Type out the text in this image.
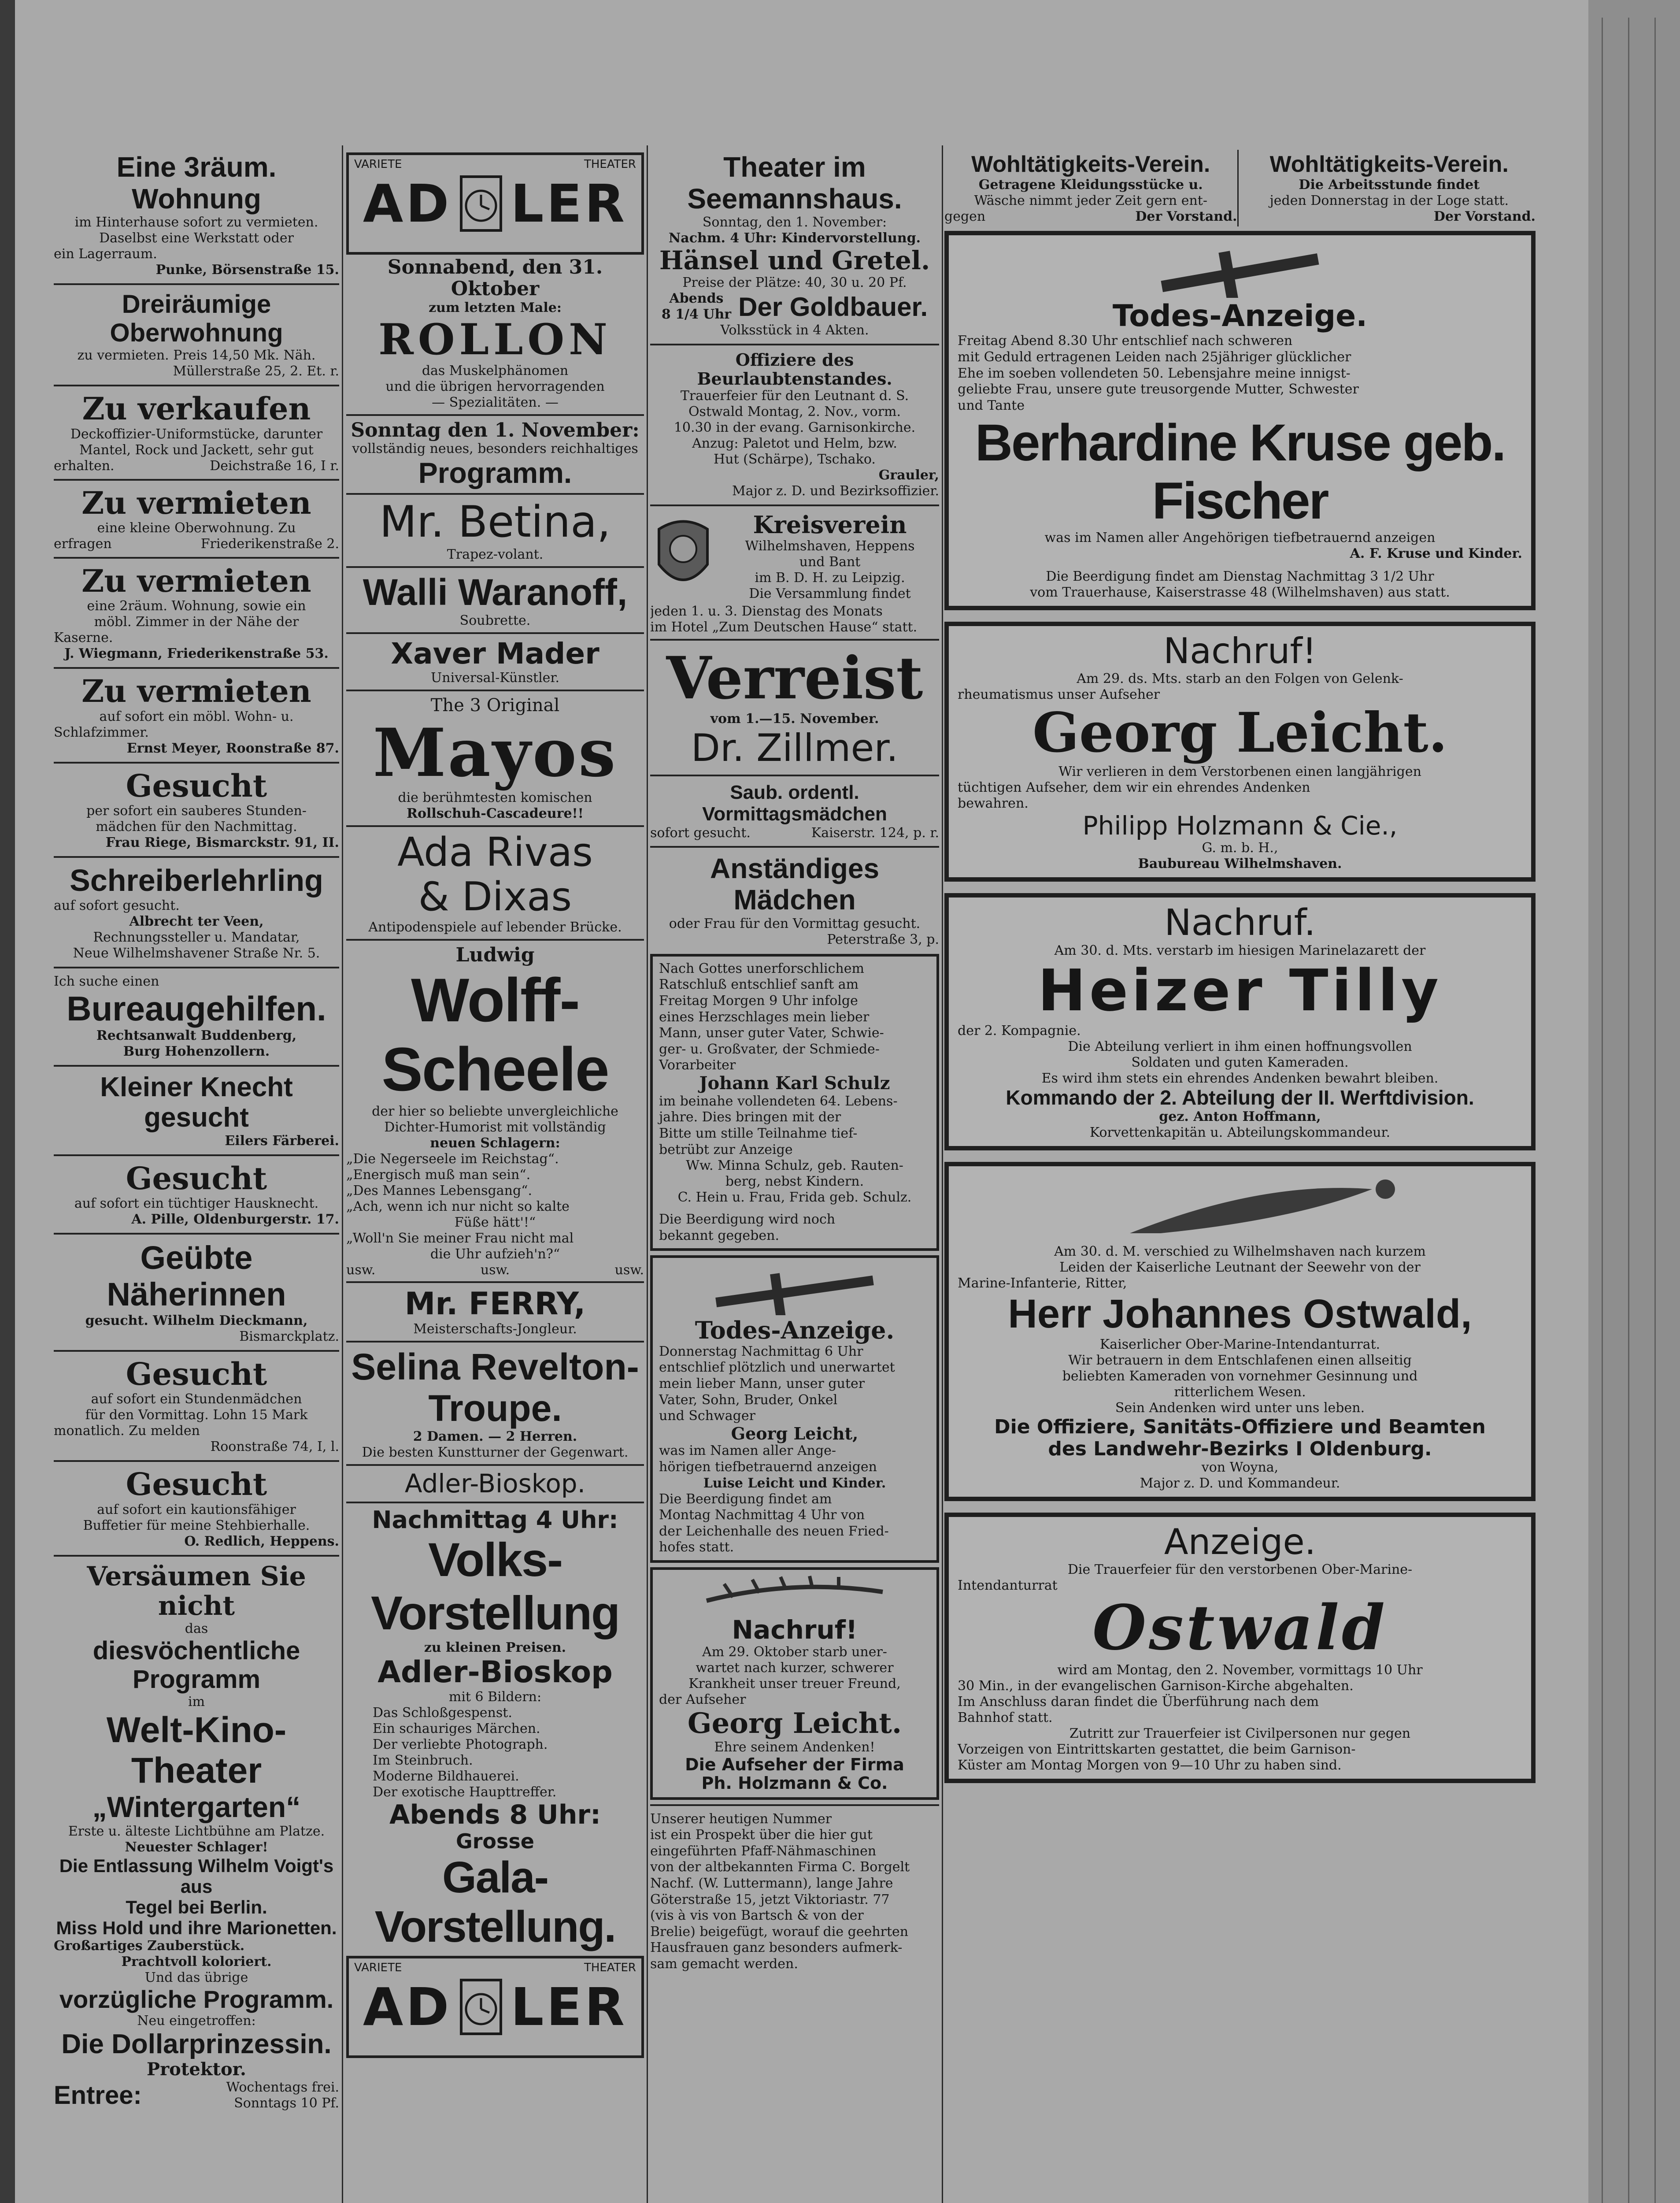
Eine 3räum. Wohnung

im Hinterhause sofort zu vermieten.

Daselbst eine Werkstatt oder

ein Lagerraum.

Punke, Börsenstraße 15.

Dreiräumige Oberwohnung

zu vermieten. Preis 14,50 Mk. Näh.

Müllerstraße 25, 2. Et. r.

Zu verkaufen

Deckoffizier-Uniformstücke, darunter

Mantel, Rock und Jackett, sehr gut

erhalten.	Deichstraße 16, I r.

Zu vermieten

eine kleine Oberwohnung. Zu

erfragen	Friederikenstraße 2.

Zu vermieten

eine 2räum. Wohnung, sowie ein

möbl. Zimmer in der Nähe der

Kaserne.

J. Wiegmann, Friederikenstraße 53.

Zu vermieten

auf sofort ein möbl. Wohn- u.

Schlafzimmer.

Ernst Meyer, Roonstraße 87.

Gesucht

per sofort ein sauberes Stunden-

mädchen für den Nachmittag.

Frau Riege, Bismarckstr. 91, II.

Schreiberlehrling

auf sofort gesucht.

Albrecht ter Veen,

Rechnungssteller u. Mandatar,

Neue Wilhelmshavener Straße Nr. 5.

Ich suche einen

Bureaugehilfen.

Rechtsanwalt Buddenberg,

Burg Hohenzollern.

Kleiner Knecht gesucht

Eilers Färberei.

Gesucht

auf sofort ein tüchtiger Hausknecht.

A. Pille, Oldenburgerstr. 17.

Geübte Näherinnen

gesucht. Wilhelm Dieckmann,

Bismarckplatz.

Gesucht

auf sofort ein Stundenmädchen

für den Vormittag. Lohn 15 Mark

monatlich. Zu melden

Roonstraße 74, I, l.

Gesucht

auf sofort ein kautionsfähiger

Buffetier für meine Stehbierhalle.

O. Redlich, Heppens.

Versäumen Sie nicht

das

diesvöchentliche Programm

im

Welt-Kino-Theater

„Wintergarten“

Erste u. älteste Lichtbühne am Platze.

Neuester Schlager!

Die Entlassung Wilhelm Voigt's aus

Tegel bei Berlin.

Miss Hold und ihre Marionetten.

Großartiges Zauberstück.

Prachtvoll koloriert.

Und das übrige

vorzügliche Programm.

Neu eingetroffen:

Die Dollarprinzessin.

Protektor.

Entree:	Wochentags frei.
Sonntags 10 Pf.
VARIETE	THEATER
AD LER

Sonnabend, den 31. Oktober

zum letzten Male:

ROLLON

das Muskelphänomen

und die übrigen hervorragenden

— Spezialitäten. —

Sonntag den 1. November:

vollständig neues, besonders reichhaltiges

Programm.

Mr. Betina,

Trapez-volant.

Walli Waranoff,

Soubrette.

Xaver Mader

Universal-Künstler.

The 3 Original

Mayos

die berühmtesten komischen

Rollschuh-Cascadeure!!

Ada Rivas

& Dixas

Antipodenspiele auf lebender Brücke.

Ludwig

Wolff-Scheele

der hier so beliebte unvergleichliche

Dichter-Humorist mit vollständig

neuen Schlagern:

„Die Negerseele im Reichstag“.

„Energisch muß man sein“.

„Des Mannes Lebensgang“.

„Ach, wenn ich nur nicht so kalte

Füße hätt'!“

„Woll'n Sie meiner Frau nicht mal

die Uhr aufzieh'n?“

usw.	usw.	usw.

Mr. FERRY,

Meisterschafts-Jongleur.

Selina Revelton-

Troupe.

2 Damen. — 2 Herren.

Die besten Kunstturner der Gegenwart.

Adler-Bioskop.

Nachmittag 4 Uhr:

Volks-Vorstellung

zu kleinen Preisen.

Adler-Bioskop

mit 6 Bildern:

Das Schloßgespenst.

Ein schauriges Märchen.

Der verliebte Photograph.

Im Steinbruch.

Moderne Bildhauerei.

Der exotische Haupttreffer.

Abends 8 Uhr:

Grosse

Gala-Vorstellung.

VARIETE	THEATER
AD LER

Theater im Seemannshaus.

Sonntag, den 1. November:

Nachm. 4 Uhr: Kindervorstellung.

Hänsel und Gretel.

Preise der Plätze: 40, 30 u. 20 Pf.

Abends
8 1/4 Uhr Der Goldbauer.

Volksstück in 4 Akten.

Offiziere des Beurlaubtenstandes.

Trauerfeier für den Leutnant d. S.

Ostwald Montag, 2. Nov., vorm.

10.30 in der evang. Garnisonkirche.

Anzug: Paletot und Helm, bzw.

Hut (Schärpe), Tschako.

Grauler,

Major z. D. und Bezirksoffizier.

Kreisverein

Wilhelmshaven, Heppens

und Bant

im B. D. H. zu Leipzig.

Die Versammlung findet

jeden 1. u. 3. Dienstag des Monats

im Hotel „Zum Deutschen Hause“ statt.

Verreist

vom 1.—15. November.

Dr. Zillmer.

Saub. ordentl. Vormittagsmädchen

sofort gesucht.	Kaiserstr. 124, p. r.

Anständiges Mädchen

oder Frau für den Vormittag gesucht.

Peterstraße 3, p.

Nach Gottes unerforschlichem

Ratschluß entschlief sanft am

Freitag Morgen 9 Uhr infolge

eines Herzschlages mein lieber

Mann, unser guter Vater, Schwie-

ger- u. Großvater, der Schmiede-

Vorarbeiter

Johann Karl Schulz

im beinahe vollendeten 64. Lebens-

jahre. Dies bringen mit der

Bitte um stille Teilnahme tief-

betrübt zur Anzeige

Ww. Minna Schulz, geb. Rauten-

berg, nebst Kindern.

C. Hein u. Frau, Frida geb. Schulz.

Die Beerdigung wird noch

bekannt gegeben.

Todes-Anzeige.

Donnerstag Nachmittag 6 Uhr

entschlief plötzlich und unerwartet

mein lieber Mann, unser guter

Vater, Sohn, Bruder, Onkel

und Schwager

Georg Leicht,

was im Namen aller Ange-

hörigen tiefbetrauernd anzeigen

Luise Leicht und Kinder.

Die Beerdigung findet am

Montag Nachmittag 4 Uhr von

der Leichenhalle des neuen Fried-

hofes statt.

Nachruf!

Am 29. Oktober starb uner-

wartet nach kurzer, schwerer

Krankheit unser treuer Freund,

der Aufseher

Georg Leicht.

Ehre seinem Andenken!

Die Aufseher der Firma

Ph. Holzmann & Co.

Unserer heutigen Nummer

ist ein Prospekt über die hier gut

eingeführten Pfaff-Nähmaschinen

von der altbekannten Firma C. Borgelt

Nachf. (W. Luttermann), lange Jahre

Göterstraße 15, jetzt Viktoriastr. 77

(vis à vis von Bartsch & von der

Brelie) beigefügt, worauf die geehrten

Hausfrauen ganz besonders aufmerk-

sam gemacht werden.

Wohltätigkeits-Verein.

Getragene Kleidungsstücke u.

Wäsche nimmt jeder Zeit gern ent-

gegen	Der Vorstand.

Wohltätigkeits-Verein.

Die Arbeitsstunde findet

jeden Donnerstag in der Loge statt.

Der Vorstand.

Todes-Anzeige.

Freitag Abend 8.30 Uhr entschlief nach schweren

mit Geduld ertragenen Leiden nach 25jähriger glücklicher

Ehe im soeben vollendeten 50. Lebensjahre meine innigst-

geliebte Frau, unsere gute treusorgende Mutter, Schwester

und Tante

Berhardine Kruse geb. Fischer

was im Namen aller Angehörigen tiefbetrauernd anzeigen

A. F. Kruse und Kinder.

Die Beerdigung findet am Dienstag Nachmittag 3 1/2 Uhr

vom Trauerhause, Kaiserstrasse 48 (Wilhelmshaven) aus statt.

Nachruf!

Am 29. ds. Mts. starb an den Folgen von Gelenk-

rheumatismus unser Aufseher

Georg Leicht.

Wir verlieren in dem Verstorbenen einen langjährigen

tüchtigen Aufseher, dem wir ein ehrendes Andenken

bewahren.

Philipp Holzmann & Cie.,

G. m. b. H.,

Baubureau Wilhelmshaven.

Nachruf.

Am 30. d. Mts. verstarb im hiesigen Marinelazarett der

Heizer Tilly

der 2. Kompagnie.

Die Abteilung verliert in ihm einen hoffnungsvollen

Soldaten und guten Kameraden.

Es wird ihm stets ein ehrendes Andenken bewahrt bleiben.

Kommando der 2. Abteilung der II. Werftdivision.

gez. Anton Hoffmann,

Korvettenkapitän u. Abteilungskommandeur.

Am 30. d. M. verschied zu Wilhelmshaven nach kurzem

Leiden der Kaiserliche Leutnant der Seewehr von der

Marine-Infanterie, Ritter,

Herr Johannes Ostwald,

Kaiserlicher Ober-Marine-Intendanturrat.

Wir betrauern in dem Entschlafenen einen allseitig

beliebten Kameraden von vornehmer Gesinnung und

ritterlichem Wesen.

Sein Andenken wird unter uns leben.

Die Offiziere, Sanitäts-Offiziere und Beamten

des Landwehr-Bezirks I Oldenburg.

von Woyna,

Major z. D. und Kommandeur.

Anzeige.

Die Trauerfeier für den verstorbenen Ober-Marine-

Intendanturrat

Ostwald

wird am Montag, den 2. November, vormittags 10 Uhr

30 Min., in der evangelischen Garnison-Kirche abgehalten.

Im Anschluss daran findet die Überführung nach dem

Bahnhof statt.

Zutritt zur Trauerfeier ist Civilpersonen nur gegen

Vorzeigen von Eintrittskarten gestattet, die beim Garnison-

Küster am Montag Morgen von 9—10 Uhr zu haben sind.
